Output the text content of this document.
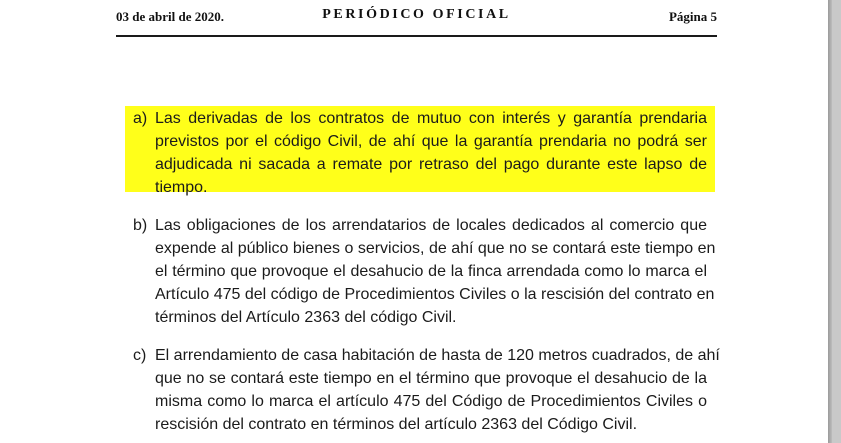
03 de abril de 2020.	PERIÓDICO OFICIAL	Página 5
a) Las derivadas de los contratos de mutuo con interés y garantía prendaria
previstos por el código Civil, de ahí que la garantía prendaria no podrá ser
adjudicada ni sacada a remate por retraso del pago durante este lapso de
tiempo.
b) Las obligaciones de los arrendatarios de locales dedicados al comercio que
expende al público bienes o servicios, de ahí que no se contará este tiempo en
el término que provoque el desahucio de la finca arrendada como lo marca el
Artículo 475 del código de Procedimientos Civiles o la rescisión del contrato en
términos del Artículo 2363 del código Civil.
c) El arrendamiento de casa habitación de hasta de 120 metros cuadrados, de ahí
que no se contará este tiempo en el término que provoque el desahucio de la
misma como lo marca el artículo 475 del Código de Procedimientos Civiles o
rescisión del contrato en términos del artículo 2363 del Código Civil.
